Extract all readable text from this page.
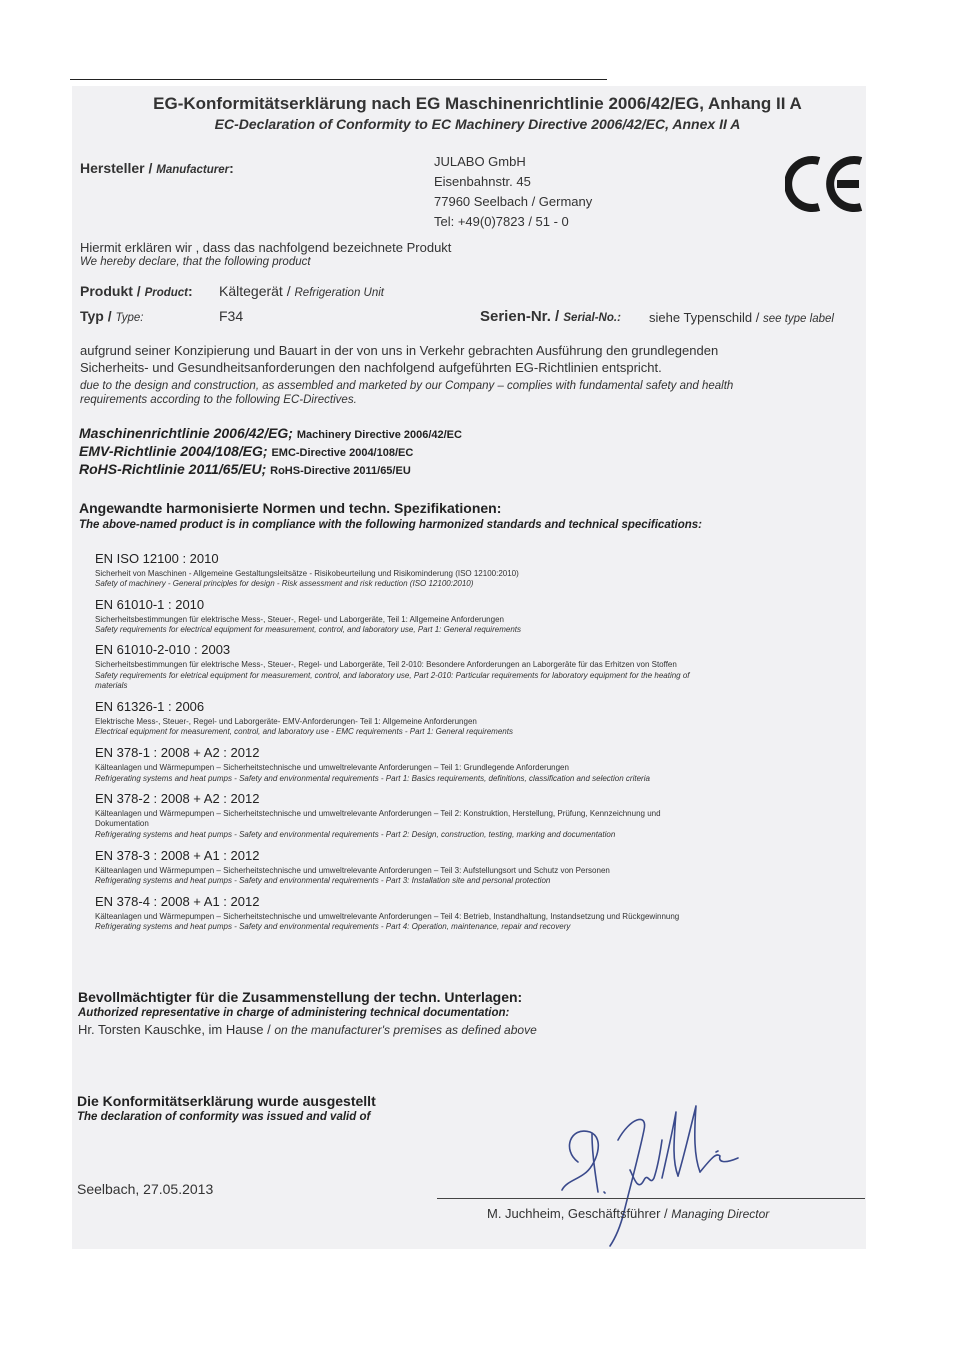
EG-Konformitätserklärung nach EG Maschinenrichtlinie 2006/42/EG, Anhang II A
EC-Declaration of Conformity to EC Machinery Directive 2006/42/EC, Annex II A
Hersteller / Manufacturer:	JULABO GmbH
Eisenbahnstr. 45
77960 Seelbach / Germany
Tel: +49(0)7823 / 51 - 0
Hiermit erklären wir , dass das nachfolgend bezeichnete Produkt
We hereby declare, that the following product
Produkt / Product: Kältegerät / Refrigeration Unit
Typ / Type:	F34	Serien-Nr. / Serial-No.: siehe Typenschild / see type label
aufgrund seiner Konzipierung und Bauart in der von uns in Verkehr gebrachten Ausführung den grundlegenden
Sicherheits- und Gesundheitsanforderungen den nachfolgend aufgeführten EG-Richtlinien entspricht.
due to the design and construction, as assembled and marketed by our Company – complies with fundamental safety and health
requirements according to the following EC-Directives.
Maschinenrichtlinie 2006/42/EG; Machinery Directive 2006/42/EC
EMV-Richtlinie 2004/108/EG; EMC-Directive 2004/108/EC
RoHS-Richtlinie 2011/65/EU; RoHS-Directive 2011/65/EU
Angewandte harmonisierte Normen und techn. Spezifikationen:
The above-named product is in compliance with the following harmonized standards and technical specifications:
EN ISO 12100 : 2010
Sicherheit von Maschinen - Allgemeine Gestaltungsleitsätze - Risikobeurteilung und Risikominderung (ISO 12100:2010)
Safety of machinery - General principles for design - Risk assessment and risk reduction (ISO 12100:2010)
EN 61010-1 : 2010
Sicherheitsbestimmungen für elektrische Mess-, Steuer-, Regel- und Laborgeräte, Teil 1: Allgemeine Anforderungen
Safety requirements for electrical equipment for measurement, control, and laboratory use, Part 1: General requirements
EN 61010-2-010 : 2003
Sicherheitsbestimmungen für elektrische Mess-, Steuer-, Regel- und Laborgeräte, Teil 2-010: Besondere Anforderungen an Laborgeräte für das Erhitzen von Stoffen
Safety requirements for eletrical equipment for measurement, control, and laboratory use, Part 2-010: Particular requirements for laboratory equipment for the heating of
materials
EN 61326-1 : 2006
Elektrische Mess-, Steuer-, Regel- und Laborgeräte- EMV-Anforderungen- Teil 1: Allgemeine Anforderungen
Electrical equipment for measurement, control, and laboratory use - EMC requirements - Part 1: General requirements
EN 378-1 : 2008 + A2 : 2012
Kälteanlagen und Wärmepumpen – Sicherheitstechnische und umweltrelevante Anforderungen – Teil 1: Grundlegende Anforderungen
Refrigerating systems and heat pumps - Safety and environmental requirements - Part 1: Basics requirements, definitions, classification and selection criteria
EN 378-2 : 2008 + A2 : 2012
Kälteanlagen und Wärmepumpen – Sicherheitstechnische und umweltrelevante Anforderungen – Teil 2: Konstruktion, Herstellung, Prüfung, Kennzeichnung und
Dokumentation
Refrigerating systems and heat pumps - Safety and environmental requirements - Part 2: Design, construction, testing, marking and documentation
EN 378-3 : 2008 + A1 : 2012
Kälteanlagen und Wärmepumpen – Sicherheitstechnische und umweltrelevante Anforderungen – Teil 3: Aufstellungsort und Schutz von Personen
Refrigerating systems and heat pumps - Safety and environmental requirements - Part 3: Installation site and personal protection
EN 378-4 : 2008 + A1 : 2012
Kälteanlagen und Wärmepumpen – Sicherheitstechnische und umweltrelevante Anforderungen – Teil 4: Betrieb, Instandhaltung, Instandsetzung und Rückgewinnung
Refrigerating systems and heat pumps - Safety and environmental requirements - Part 4: Operation, maintenance, repair and recovery
Bevollmächtigter für die Zusammenstellung der techn. Unterlagen:
Authorized representative in charge of administering technical documentation:
Hr. Torsten Kauschke, im Hause / on the manufacturer's premises as defined above
Die Konformitätserklärung wurde ausgestellt
The declaration of conformity was issued and valid of
Seelbach, 27.05.2013
M. Juchheim, Geschäftsführer / Managing Director
